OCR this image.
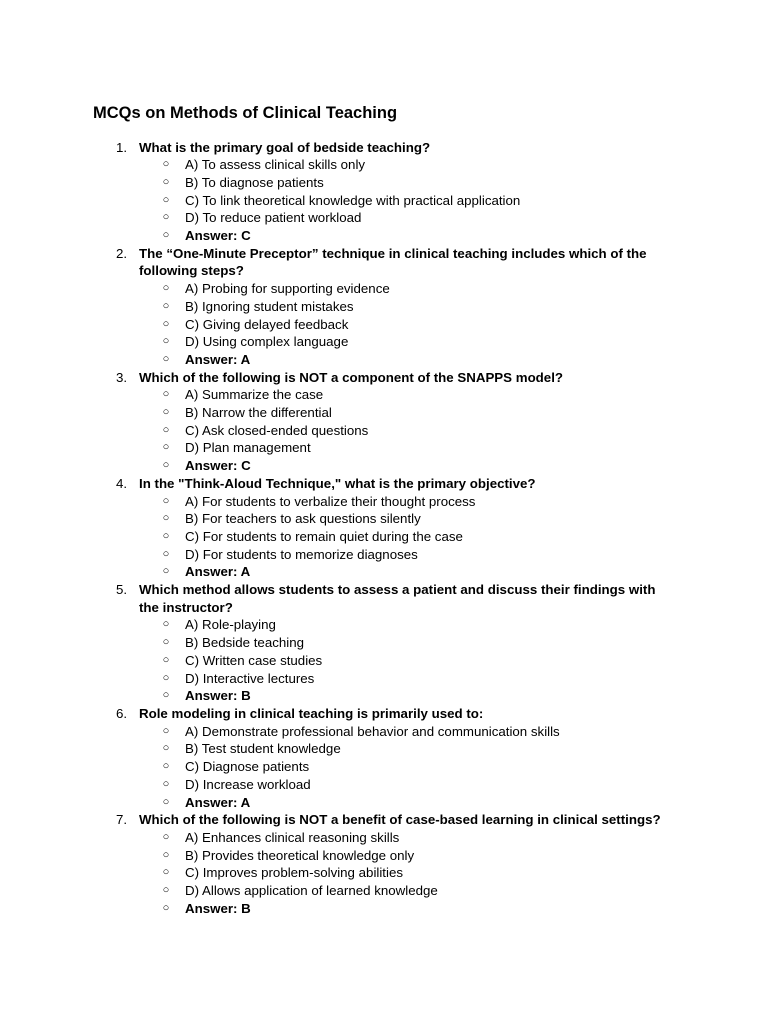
MCQs on Methods of Clinical Teaching
1. What is the primary goal of bedside teaching?
○ A) To assess clinical skills only
○ B) To diagnose patients
○ C) To link theoretical knowledge with practical application
○ D) To reduce patient workload
○ Answer: C
2. The “One-Minute Preceptor” technique in clinical teaching includes which of the following steps?
○ A) Probing for supporting evidence
○ B) Ignoring student mistakes
○ C) Giving delayed feedback
○ D) Using complex language
○ Answer: A
3. Which of the following is NOT a component of the SNAPPS model?
○ A) Summarize the case
○ B) Narrow the differential
○ C) Ask closed-ended questions
○ D) Plan management
○ Answer: C
4. In the "Think-Aloud Technique," what is the primary objective?
○ A) For students to verbalize their thought process
○ B) For teachers to ask questions silently
○ C) For students to remain quiet during the case
○ D) For students to memorize diagnoses
○ Answer: A
5. Which method allows students to assess a patient and discuss their findings with the instructor?
○ A) Role-playing
○ B) Bedside teaching
○ C) Written case studies
○ D) Interactive lectures
○ Answer: B
6. Role modeling in clinical teaching is primarily used to:
○ A) Demonstrate professional behavior and communication skills
○ B) Test student knowledge
○ C) Diagnose patients
○ D) Increase workload
○ Answer: A
7. Which of the following is NOT a benefit of case-based learning in clinical settings?
○ A) Enhances clinical reasoning skills
○ B) Provides theoretical knowledge only
○ C) Improves problem-solving abilities
○ D) Allows application of learned knowledge
○ Answer: B
